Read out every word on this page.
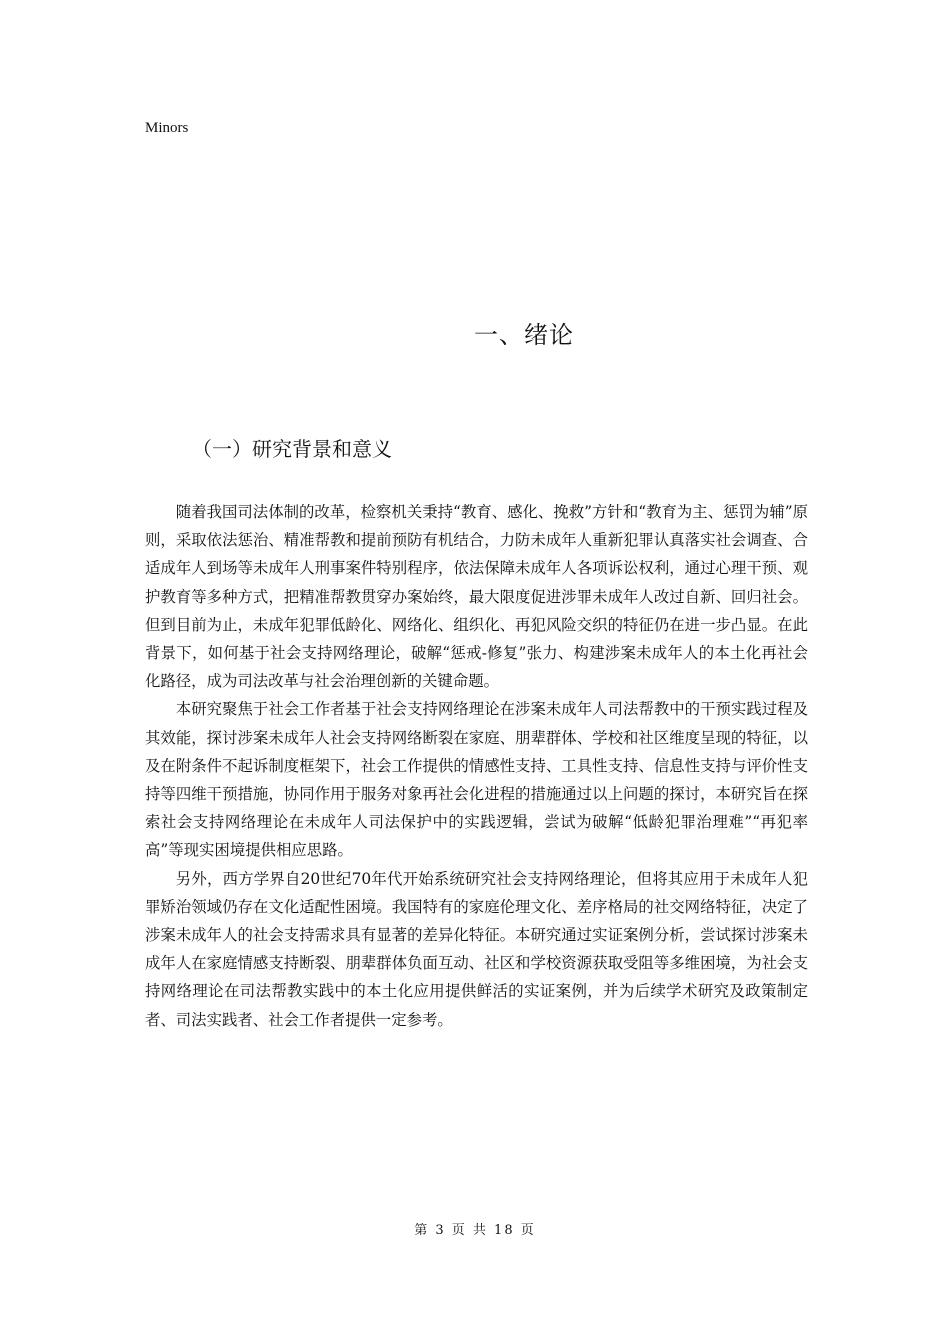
Minors
一、绪论
（一）研究背景和意义

随着我国司法体制的改革，检察机关秉持“教育、感化、挽救”方针和“教育为主、惩罚为辅”原则，采取依法惩治、精准帮教和提前预防有机结合，力防未成年人重新犯罪认真落实社会调查、合适成年人到场等未成年人刑事案件特别程序，依法保障未成年人各项诉讼权利，通过心理干预、观护教育等多种方式，把精准帮教贯穿办案始终，最大限度促进涉罪未成年人改过自新、回归社会。但到目前为止，未成年犯罪低龄化、网络化、组织化、再犯风险交织的特征仍在进一步凸显。在此背景下，如何基于社会支持网络理论，破解“惩戒-修复”张力、构建涉案未成年人的本土化再社会化路径，成为司法改革与社会治理创新的关键命题。

本研究聚焦于社会工作者基于社会支持网络理论在涉案未成年人司法帮教中的干预实践过程及其效能，探讨涉案未成年人社会支持网络断裂在家庭、朋辈群体、学校和社区维度呈现的特征，以及在附条件不起诉制度框架下，社会工作提供的情感性支持、工具性支持、信息性支持与评价性支持等四维干预措施，协同作用于服务对象再社会化进程的措施通过以上问题的探讨，本研究旨在探索社会支持网络理论在未成年人司法保护中的实践逻辑，尝试为破解“低龄犯罪治理难”“再犯率高”等现实困境提供相应思路。

另外，西方学界自20世纪70年代开始系统研究社会支持网络理论，但将其应用于未成年人犯罪矫治领域仍存在文化适配性困境。我国特有的家庭伦理文化、差序格局的社交网络特征，决定了涉案未成年人的社会支持需求具有显著的差异化特征。本研究通过实证案例分析，尝试探讨涉案未成年人在家庭情感支持断裂、朋辈群体负面互动、社区和学校资源获取受阻等多维困境，为社会支持网络理论在司法帮教实践中的本土化应用提供鲜活的实证案例，并为后续学术研究及政策制定者、司法实践者、社会工作者提供一定参考。

第 3 页 共 18 页
